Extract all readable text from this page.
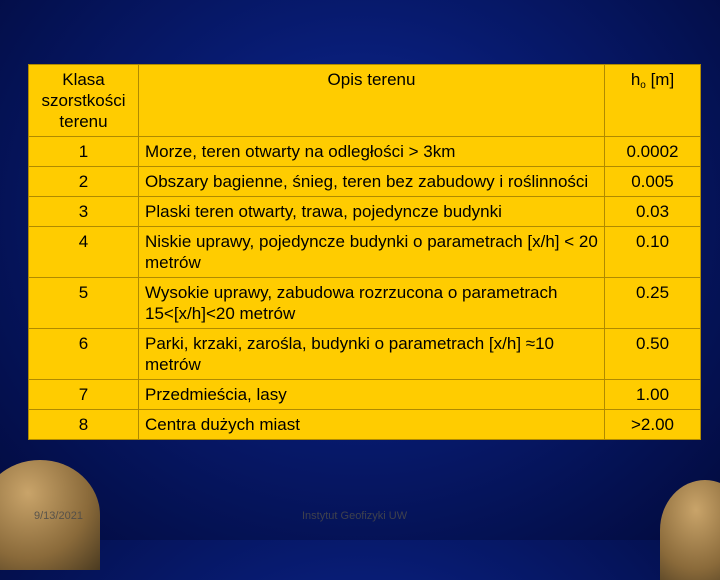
Klasa szorstkości terenu	Opis terenu	$h_o$ [m]
1	Morze, teren otwarty na odległości > 3km	0.0002
2	Obszary bagienne, śnieg, teren bez zabudowy i roślinności	0.005
3	Plaski teren otwarty, trawa, pojedyncze budynki	0.03
4	Niskie uprawy, pojedyncze budynki o parametrach [x/h] < 20 metrów	0.10
5	Wysokie uprawy, zabudowa rozrzucona o parametrach 15<[x/h]<20 metrów	0.25
6	Parki, krzaki, zarośla, budynki o parametrach [x/h] ≈10 metrów	0.50
7	Przedmieścia, lasy	1.00
8	Centra dużych miast	>2.00
9/13/2021	Instytut Geofizyki UW
